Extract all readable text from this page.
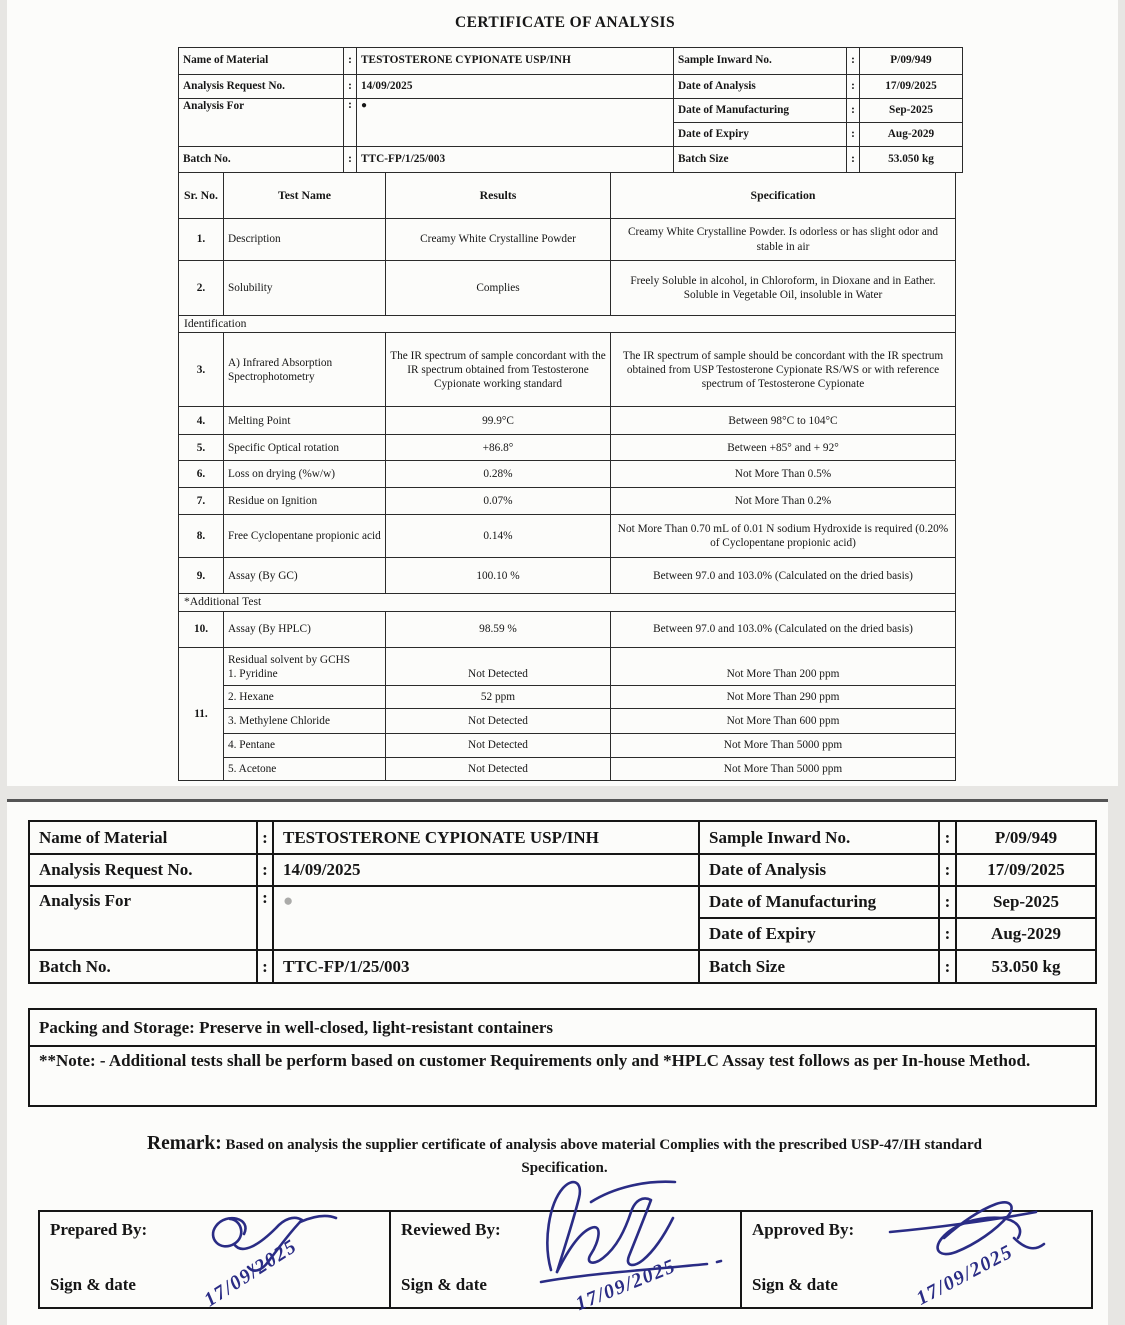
CERTIFICATE OF ANALYSIS
Name of Material	:	TESTOSTERONE CYPIONATE USP/INH	Sample Inward No.	:	P/09/949
Analysis Request No.	:	14/09/2025	Date of Analysis	:	17/09/2025
Analysis For	:	●	Date of Manufacturing	:	Sep-2025
			Date of Expiry	:	Aug-2029
Batch No.	:	TTC-FP/1/25/003	Batch Size	:	53.050 kg
Sr. No.	Test Name	Results	Specification
1.	Description	Creamy White Crystalline Powder	Creamy White Crystalline Powder. Is odorless or has slight odor and stable in air
2.	Solubility	Complies	Freely Soluble in alcohol, in Chloroform, in Dioxane and in Eather. Soluble in Vegetable Oil, insoluble in Water
Identification			
3.	A) Infrared Absorption Spectrophotometry	The IR spectrum of sample concordant with the IR spectrum obtained from Testosterone Cypionate working standard	The IR spectrum of sample should be concordant with the IR spectrum obtained from USP Testosterone Cypionate RS/WS or with reference spectrum of Testosterone Cypionate
4.	Melting Point	99.9°C	Between 98°C to 104°C
5.	Specific Optical rotation	+86.8°	Between +85° and + 92°
6.	Loss on drying (%w/w)	0.28%	Not More Than 0.5%
7.	Residue on Ignition	0.07%	Not More Than 0.2%
8.	Free Cyclopentane propionic acid	0.14%	Not More Than 0.70 mL of 0.01 N sodium Hydroxide is required (0.20% of Cyclopentane propionic acid)
9.	Assay (By GC)	100.10 %	Between 97.0 and 103.0% (Calculated on the dried basis)
*Additional Test			
10.	Assay (By HPLC)	98.59 %	Between 97.0 and 103.0% (Calculated on the dried basis)
11.	Residual solvent by GCHS
1. Pyridine	Not Detected	Not More Than 200 ppm
	2. Hexane	52 ppm	Not More Than 290 ppm
	3. Methylene Chloride	Not Detected	Not More Than 600 ppm
	4. Pentane	Not Detected	Not More Than 5000 ppm
	5. Acetone	Not Detected	Not More Than 5000 ppm
Name of Material	:	TESTOSTERONE CYPIONATE USP/INH	Sample Inward No.	:	P/09/949
Analysis Request No.	:	14/09/2025	Date of Analysis	:	17/09/2025
Analysis For	:	●	Date of Manufacturing	:	Sep-2025
			Date of Expiry	:	Aug-2029
Batch No.	:	TTC-FP/1/25/003	Batch Size	:	53.050 kg
Packing and Storage: Preserve in well-closed, light-resistant containers
**Note: - Additional tests shall be perform based on customer Requirements only and *HPLC Assay test follows as per In-house Method.
Remark: Based on analysis the supplier certificate of analysis above material Complies with the prescribed USP-47/IH standard
Specification.
Prepared By:
Sign & date	17/09/2025

Reviewed By:
Sign & date	17/09/2025

Approved By:
Sign & date	17/09/2025
